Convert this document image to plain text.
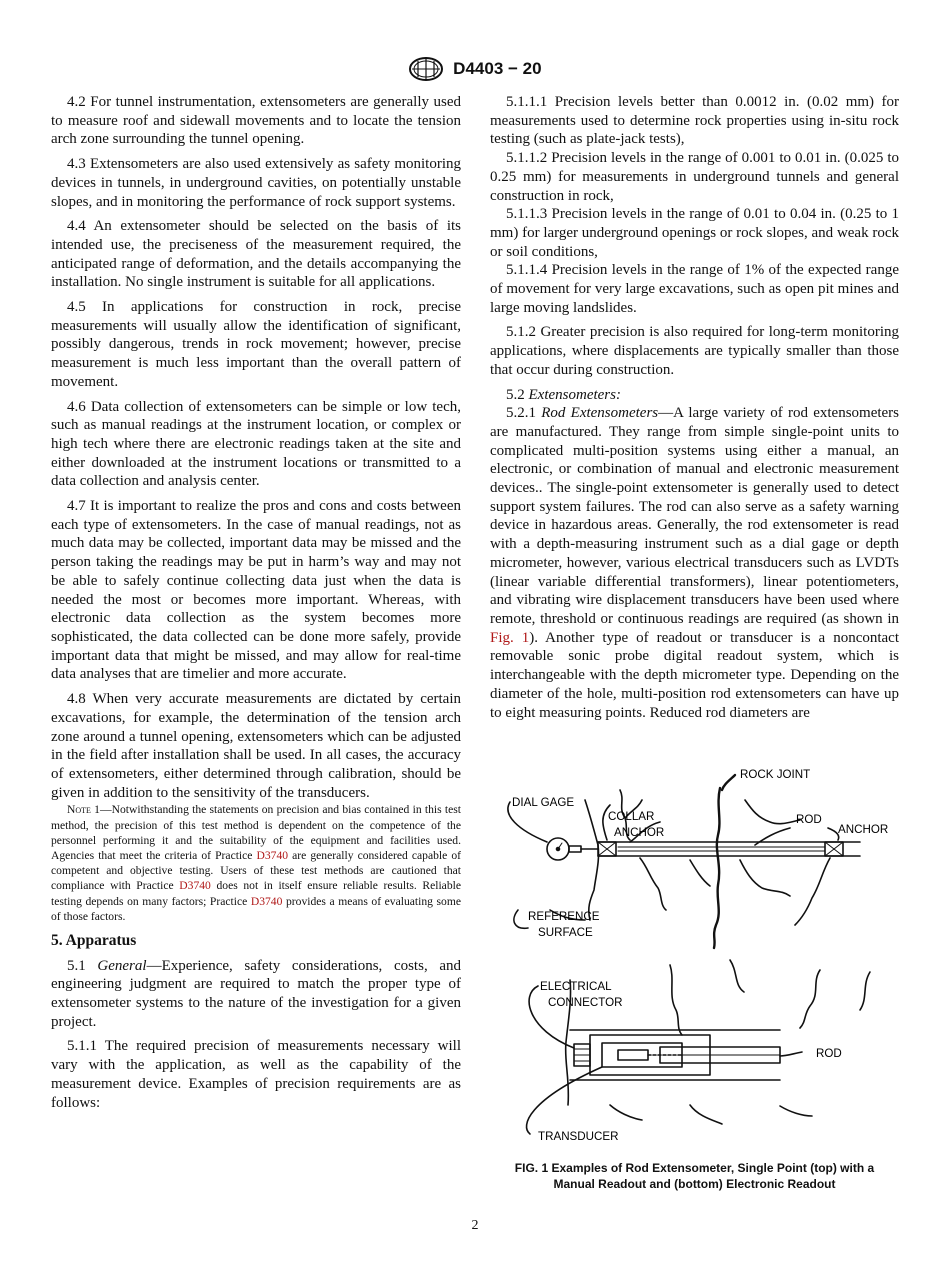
D4403 − 20

4.2 For tunnel instrumentation, extensometers are generally used to measure roof and sidewall movements and to locate the tension arch zone surrounding the tunnel opening.

4.3 Extensometers are also used extensively as safety monitoring devices in tunnels, in underground cavities, on potentially unstable slopes, and in monitoring the performance of rock support systems.

4.4 An extensometer should be selected on the basis of its intended use, the preciseness of the measurement required, the anticipated range of deformation, and the details accompanying the installation. No single instrument is suitable for all applications.

4.5 In applications for construction in rock, precise measurements will usually allow the identification of significant, possibly dangerous, trends in rock movement; however, precise measurement is much less important than the overall pattern of movement.

4.6 Data collection of extensometers can be simple or low tech, such as manual readings at the instrument location, or complex or high tech where there are electronic readings taken at the site and either downloaded at the instrument locations or transmitted to a data collection and analysis center.

4.7 It is important to realize the pros and cons and costs between each type of extensometers. In the case of manual readings, not as much data may be collected, important data may be missed and the person taking the readings may be put in harm’s way and may not be able to safely continue collecting data just when the data is needed the most or becomes more important. Whereas, with electronic data collection as the system becomes more sophisticated, the data collected can be done more safely, provide important data that might be missed, and may allow for real-time data analyses that are timelier and more accurate.

4.8 When very accurate measurements are dictated by certain excavations, for example, the determination of the tension arch zone around a tunnel opening, extensometers which can be adjusted in the field after installation shall be used. In all cases, the accuracy of extensometers, either determined through calibration, should be given in addition to the sensitivity of the transducers.

Note 1—Notwithstanding the statements on precision and bias contained in this test method, the precision of this test method is dependent on the competence of the personnel performing it and the suitability of the equipment and facilities used. Agencies that meet the criteria of Practice D3740 are generally considered capable of competent and objective testing. Users of these test methods are cautioned that compliance with Practice D3740 does not in itself ensure reliable results. Reliable testing depends on many factors; Practice D3740 provides a means of evaluating some of those factors.
5. Apparatus

5.1 General—Experience, safety considerations, costs, and engineering judgment are required to match the proper type of extensometer systems to the nature of the investigation for a given project.

5.1.1 The required precision of measurements necessary will vary with the application, as well as the capability of the measurement device. Examples of precision requirements are as follows:

5.1.1.1 Precision levels better than 0.0012 in. (0.02 mm) for measurements used to determine rock properties using in-situ rock testing (such as plate-jack tests),

5.1.1.2 Precision levels in the range of 0.001 to 0.01 in. (0.025 to 0.25 mm) for measurements in underground tunnels and general construction in rock,

5.1.1.3 Precision levels in the range of 0.01 to 0.04 in. (0.25 to 1 mm) for larger underground openings or rock slopes, and weak rock or soil conditions,

5.1.1.4 Precision levels in the range of 1% of the expected range of movement for very large excavations, such as open pit mines and large moving landslides.

5.1.2 Greater precision is also required for long-term monitoring applications, where displacements are typically smaller than those that occur during construction.

5.2 Extensometers:

5.2.1 Rod Extensometers—A large variety of rod extensometers are manufactured. They range from simple single-point units to complicated multi-position systems using either a manual, an electronic, or combination of manual and electronic measurement devices.. The single-point extensometer is generally used to detect support system failures. The rod can also serve as a safety warning device in hazardous areas. Generally, the rod extensometer is read with a depth-measuring instrument such as a dial gage or depth micrometer, however, various electrical transducers such as LVDTs (linear variable differential transformers), linear potentiometers, and vibrating wire displacement transducers have been used where remote, threshold or continuous readings are required (as shown in Fig. 1). Another type of readout or transducer is a noncontact removable sonic probe digital readout system, which is interchangeable with the depth micrometer type. Depending on the diameter of the hole, multi-position rod extensometers can have up to eight measuring points. Reduced rod diameters are

ROCK JOINT
DIAL GAGE
COLLAR
ANCHOR
ROD
ANCHOR
REFERENCE
SURFACE
ELECTRICAL
CONNECTOR
ROD
TRANSDUCER
FIG. 1 Examples of Rod Extensometer, Single Point (top) with a
Manual Readout and (bottom) Electronic Readout
2
